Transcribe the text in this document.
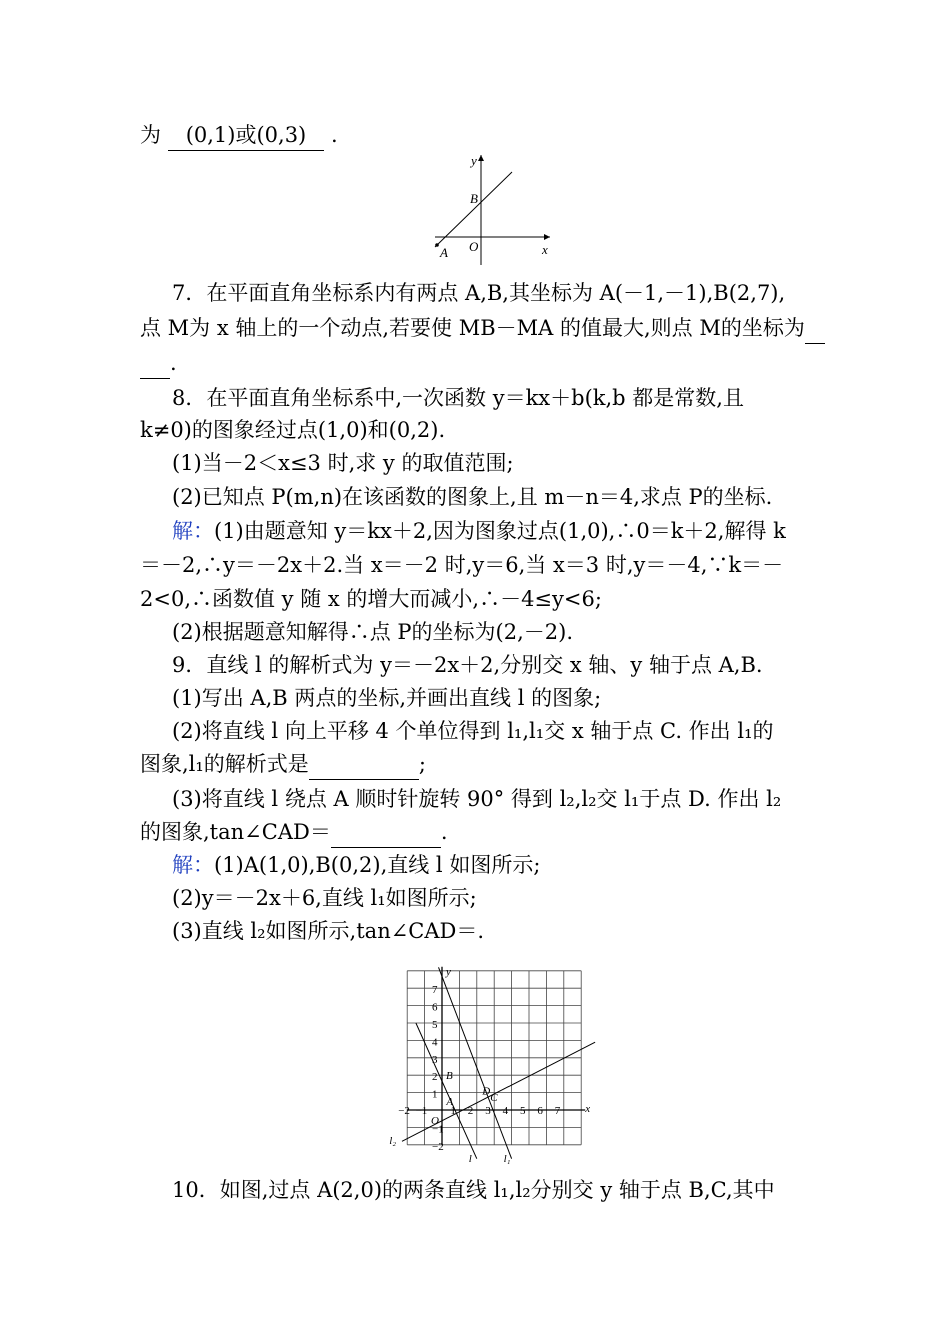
为 (0,1)或(0,3) .
x
y
O
A
B
7．在平面直角坐标系内有两点 A,B,其坐标为 A(－1,－1),B(2,7),
点 M为 x 轴上的一个动点,若要使 MB－MA 的值最大,则点 M的坐标为
.
8．在平面直角坐标系中,一次函数 y＝kx＋b(k,b 都是常数,且
k≠0)的图象经过点(1,0)和(0,2).
(1)当－2＜x≤3 时,求 y 的取值范围;
(2)已知点 P(m,n)在该函数的图象上,且 m－n＝4,求点 P的坐标.
解：(1)由题意知 y＝kx＋2,因为图象过点(1,0),∴0＝k＋2,解得 k
＝－2,∴y＝－2x＋2.当 x＝－2 时,y＝6,当 x＝3 时,y＝－4,∵k＝－
2<0,∴函数值 y 随 x 的增大而减小,∴－4≤y<6;
(2)根据题意知解得∴点 P的坐标为(2,－2).
9．直线 l 的解析式为 y＝－2x＋2,分别交 x 轴、y 轴于点 A,B.
(1)写出 A,B 两点的坐标,并画出直线 l 的图象;
(2)将直线 l 向上平移 4 个单位得到 l₁,l₁交 x 轴于点 C. 作出 l₁的
图象,l₁的解析式是	;
(3)将直线 l 绕点 A 顺时针旋转 90° 得到 l₂,l₂交 l₁于点 D. 作出 l₂
的图象,tan∠CAD＝	.
解：(1)A(1,0),B(0,2),直线 l 如图所示;
(2)y＝－2x＋6,直线 l₁如图所示;
(3)直线 l₂如图所示,tan∠CAD＝.
−2 −1 1 2 3 4 5 6 7
7
6
5
4
3
2
1
−1
−2
x
y
O
A
B
C
D
l	l₁
l₂
10．如图,过点 A(2,0)的两条直线 l₁,l₂分别交 y 轴于点 B,C,其中
